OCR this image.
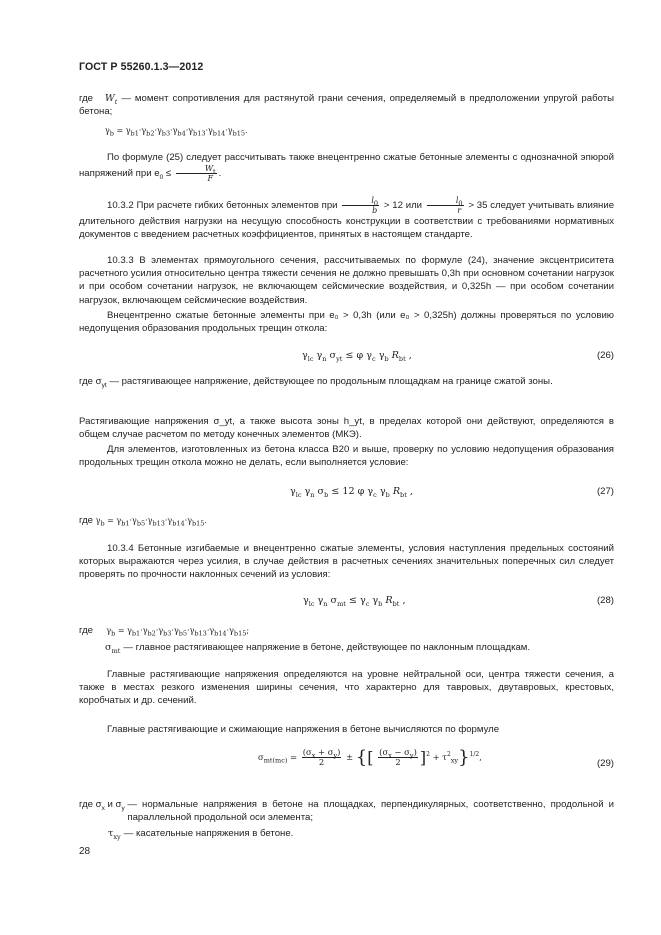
ГОСТ Р 55260.1.3—2012
где $W_t$ — момент сопротивления для растянутой грани сечения, определяемый в предположении упругой работы бетона;
$\gamma_b = \gamma_{b1}\cdot\gamma_{b2}\cdot\gamma_{b3}\cdot\gamma_{b4}\cdot\gamma_{b13}\cdot\gamma_{b14}\cdot\gamma_{b15}$.
По формуле (25) следует рассчитывать также внецентренно сжатые бетонные элементы с однозначной эпюрой напряжений при $e_0 \le \frac{W_t}{F}$ .
10.3.2 При расчете гибких бетонных элементов при $\frac{l_0}{b} > 12$ или $\frac{l_0}{r} > 35$ следует учитывать влияние длительного действия нагрузки на несущую способность конструкции в соответствии с требованиями нормативных документов с введением расчетных коэффициентов, принятых в настоящем стандарте.
10.3.3 В элементах прямоугольного сечения, рассчитываемых по формуле (24), значение эксцентриситета расчетного усилия относительно центра тяжести сечения не должно превышать 0,3h при основном сочетании нагрузок и при особом сочетании нагрузок, не включающем сейсмические воздействия, и 0,325h — при особом сочетании нагрузок, включающем сейсмические воздействия.
Внецентренно сжатые бетонные элементы при e₀ > 0,3h (или e₀ > 0,325h) должны проверяться по условию недопущения образования продольных трещин откола:
$\gamma_{lc}$ $\gamma_n$ $\sigma_{yt} \le \varphi$ $\gamma_c$ $\gamma_b$ $R_{bt}$ ,	(26)
где $\sigma_{yt}$ — растягивающее напряжение, действующее по продольным площадкам на границе сжатой зоны.
Растягивающие напряжения σ_yt, а также высота зоны h_yt, в пределах которой они действуют, определяются в общем случае расчетом по методу конечных элементов (МКЭ).
Для элементов, изготовленных из бетона класса В20 и выше, проверку по условию недопущения образования продольных трещин откола можно не делать, если выполняется условие:
$\gamma_{lc}$ $\gamma_n$ $\sigma_b \le 12$ φ $\gamma_c$ $\gamma_b$ $R_{bt}$ ,	(27)
где $\gamma_b = \gamma_{b1}\cdot\gamma_{b5}\cdot\gamma_{b13}\cdot\gamma_{b14}\cdot\gamma_{b15}$.
10.3.4 Бетонные изгибаемые и внецентренно сжатые элементы, условия наступления предельных состояний которых выражаются через усилия, в случае действия в расчетных сечениях значительных поперечных сил следует проверять по прочности наклонных сечений из условия:
$\gamma_{lc}$ $\gamma_n$ $\sigma_{mt} \le \gamma_c$ $\gamma_b$ $R_{bt}$ ,	(28)
где $\gamma_b = \gamma_{b1}\cdot\gamma_{b2}\cdot\gamma_{b3}\cdot\gamma_{b5}\cdot\gamma_{b13}\cdot\gamma_{b14}\cdot\gamma_{b15}$;
$\sigma_{mt}$ — главное растягивающее напряжение в бетоне, действующее по наклонным площадкам.
Главные растягивающие напряжения определяются на уровне нейтральной оси, центра тяжести сечения, а также в местах резкого изменения ширины сечения, что характерно для тавровых, двутавровых, крестовых, коробчатых и др. сечений.
Главные растягивающие и сжимающие напряжения в бетоне вычисляются по формуле
$\sigma_{mt(mc)} = \frac{(\sigma_x + \sigma_y)}{2}$ ± {[ $\frac{(\sigma_x - \sigma_y)}{2} ]^2 + \tau^2_{xy}\}^{1/2}$,
(29)
где $\sigma_x$ и $\sigma_y$ — нормальные напряжения в бетоне на площадках, перпендикулярных, соответственно, продольной и параллельной продольной оси элемента;
$\tau_{xy}$ — касательные напряжения в бетоне.
28
